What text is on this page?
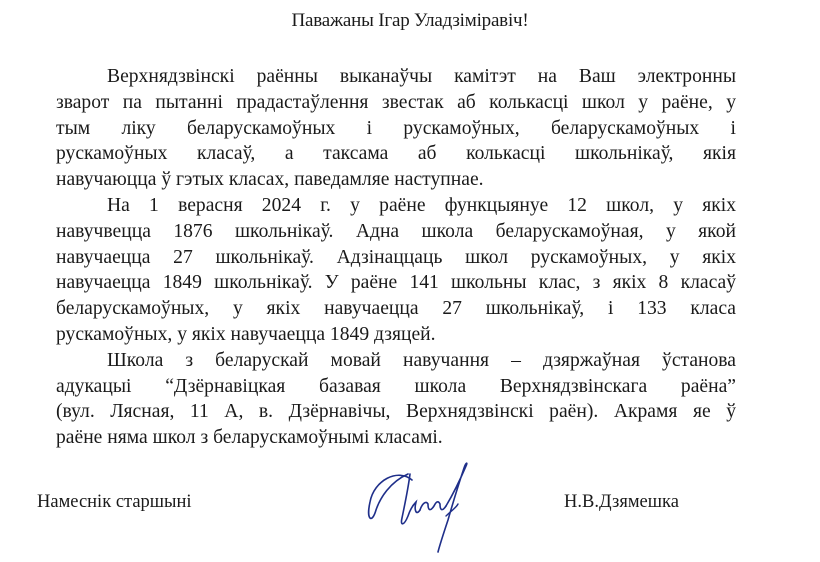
Паважаны Ігар Уладзіміравіч!
Верхнядзвінскі раённы выканаўчы камітэт на Ваш электронны
зварот па пытанні прадастаўлення звестак аб колькасці школ у раёне, у
тым ліку беларускамоўных і рускамоўных, беларускамоўных і
рускамоўных класаў, а таксама аб колькасці школьнікаў, якія
навучаюцца ў гэтых класах, паведамляе наступнае.
На 1 верасня 2024 г. у раёне функцыянуе 12 школ, у якіх
навучвецца 1876 школьнікаў. Адна школа беларускамоўная, у якой
навучаецца 27 школьнікаў. Адзінаццаць школ рускамоўных, у якіх
навучаецца 1849 школьнікаў. У раёне 141 школьны клас, з якіх 8 класаў
беларускамоўных, у якіх навучаецца 27 школьнікаў, і 133 класа
рускамоўных, у якіх навучаецца 1849 дзяцей.
Школа з беларускай мовай навучання – дзяржаўная ўстанова
адукацыі “Дзёрнавіцкая базавая школа Верхнядзвінскага раёна”
(вул. Лясная, 11 А, в. Дзёрнавічы, Верхнядзвінскі раён). Акрамя яе ў
раёне няма школ з беларускамоўнымі класамі.
Намеснік старшыні	Н.В.Дзямешка
